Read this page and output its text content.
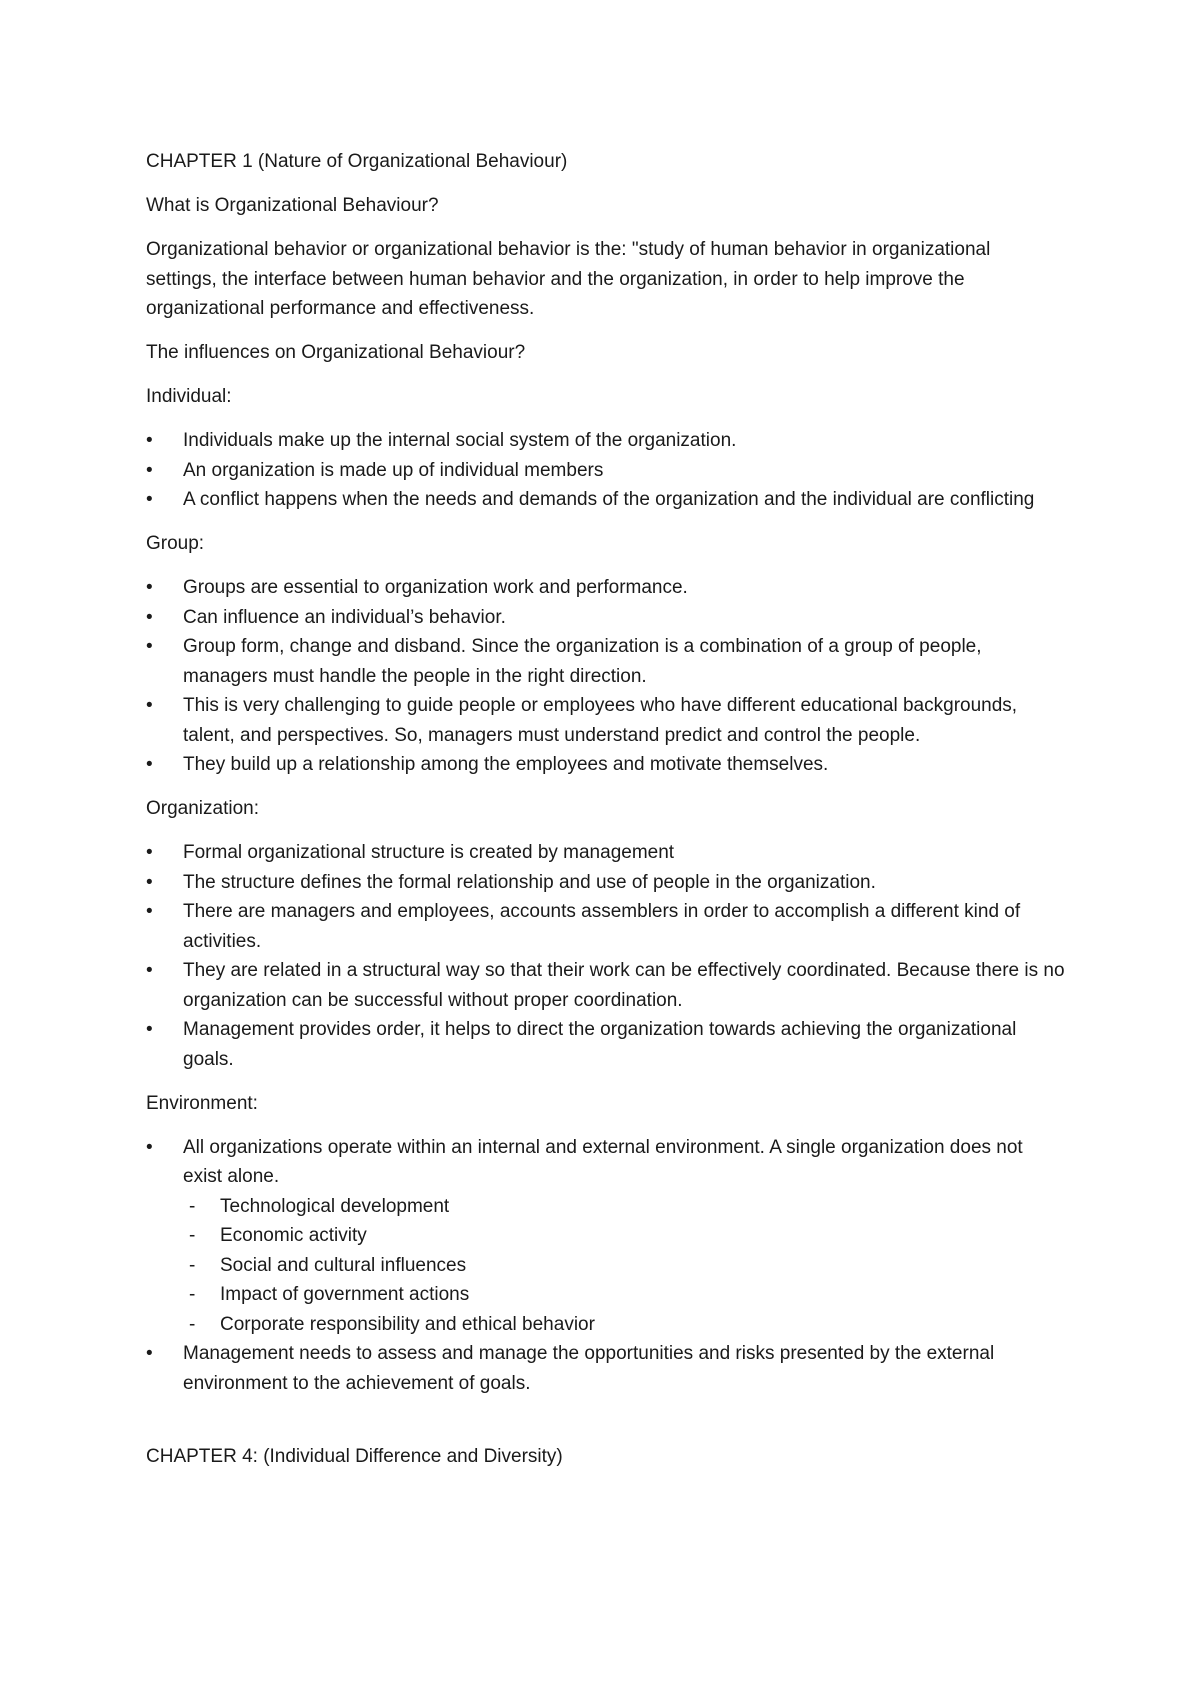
CHAPTER 1 (Nature of Organizational Behaviour)

What is Organizational Behaviour?

Organizational behavior or organizational behavior is the: "study of human behavior in organizational settings, the interface between human behavior and the organization, in order to help improve the organizational performance and effectiveness.

The influences on Organizational Behaviour?

Individual:

• Individuals make up the internal social system of the organization.
• An organization is made up of individual members
• A conflict happens when the needs and demands of the organization and the individual are conflicting

Group:

• Groups are essential to organization work and performance.
• Can influence an individual’s behavior.
• Group form, change and disband. Since the organization is a combination of a group of people, managers must handle the people in the right direction.
• This is very challenging to guide people or employees who have different educational backgrounds, talent, and perspectives. So, managers must understand predict and control the people.
• They build up a relationship among the employees and motivate themselves.

Organization:

• Formal organizational structure is created by management
• The structure defines the formal relationship and use of people in the organization.
• There are managers and employees, accounts assemblers in order to accomplish a different kind of activities.
• They are related in a structural way so that their work can be effectively coordinated. Because there is no organization can be successful without proper coordination.
• Management provides order, it helps to direct the organization towards achieving the organizational goals.

Environment:

• All organizations operate within an internal and external environment. A single organization does not exist alone.
- Technological development
- Economic activity
- Social and cultural influences
- Impact of government actions
- Corporate responsibility and ethical behavior
• Management needs to assess and manage the opportunities and risks presented by the external environment to the achievement of goals.

CHAPTER 4: (Individual Difference and Diversity)
